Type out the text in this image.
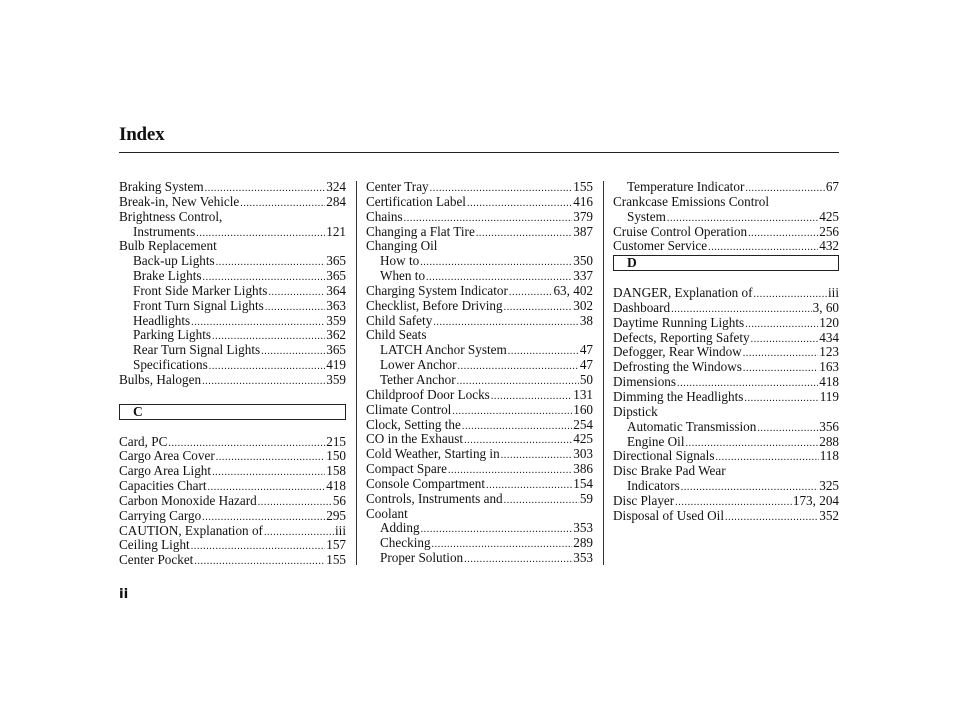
Index
Braking System .....	324
Break-in, New Vehicle .....	284
Brightness Control,
Instruments .....	121
Bulb Replacement
Back-up Lights .....	365
Brake Lights .....	365
Front Side Marker Lights .....	364
Front Turn Signal Lights .....	363
Headlights .....	359
Parking Lights .....	362
Rear Turn Signal Lights .....	365
Specifications .....	419
Bulbs, Halogen .....	359
C
Card, PC .....	215
Cargo Area Cover .....	150
Cargo Area Light .....	158
Capacities Chart .....	418
Carbon Monoxide Hazard .....	56
Carrying Cargo .....	295
CAUTION, Explanation of .....	iii
Ceiling Light .....	157
Center Pocket .....	155
Center Tray .....	155
Certification Label .....	416
Chains .....	379
Changing a Flat Tire .....	387
Changing Oil
How to .....	350
When to .....	337
Charging System Indicator .....	63, 402
Checklist, Before Driving .....	302
Child Safety .....	38
Child Seats
LATCH Anchor System .....	47
Lower Anchor .....	47
Tether Anchor .....	50
Childproof Door Locks .....	131
Climate Control .....	160
Clock, Setting the .....	254
CO in the Exhaust .....	425
Cold Weather, Starting in .....	303
Compact Spare .....	386
Console Compartment .....	154
Controls, Instruments and .....	59
Coolant
Adding .....	353
Checking .....	289
Proper Solution .....	353
Temperature Indicator .....	67
Crankcase Emissions Control
System .....	425
Cruise Control Operation .....	256
Customer Service .....	432
D
DANGER, Explanation of .....	iii
Dashboard .....	3, 60
Daytime Running Lights .....	120
Defects, Reporting Safety .....	434
Defogger, Rear Window .....	123
Defrosting the Windows .....	163
Dimensions .....	418
Dimming the Headlights .....	119
Dipstick
Automatic Transmission .....	356
Engine Oil .....	288
Directional Signals .....	118
Disc Brake Pad Wear
Indicators .....	325
Disc Player .....	173, 204
Disposal of Used Oil .....	352
ii
